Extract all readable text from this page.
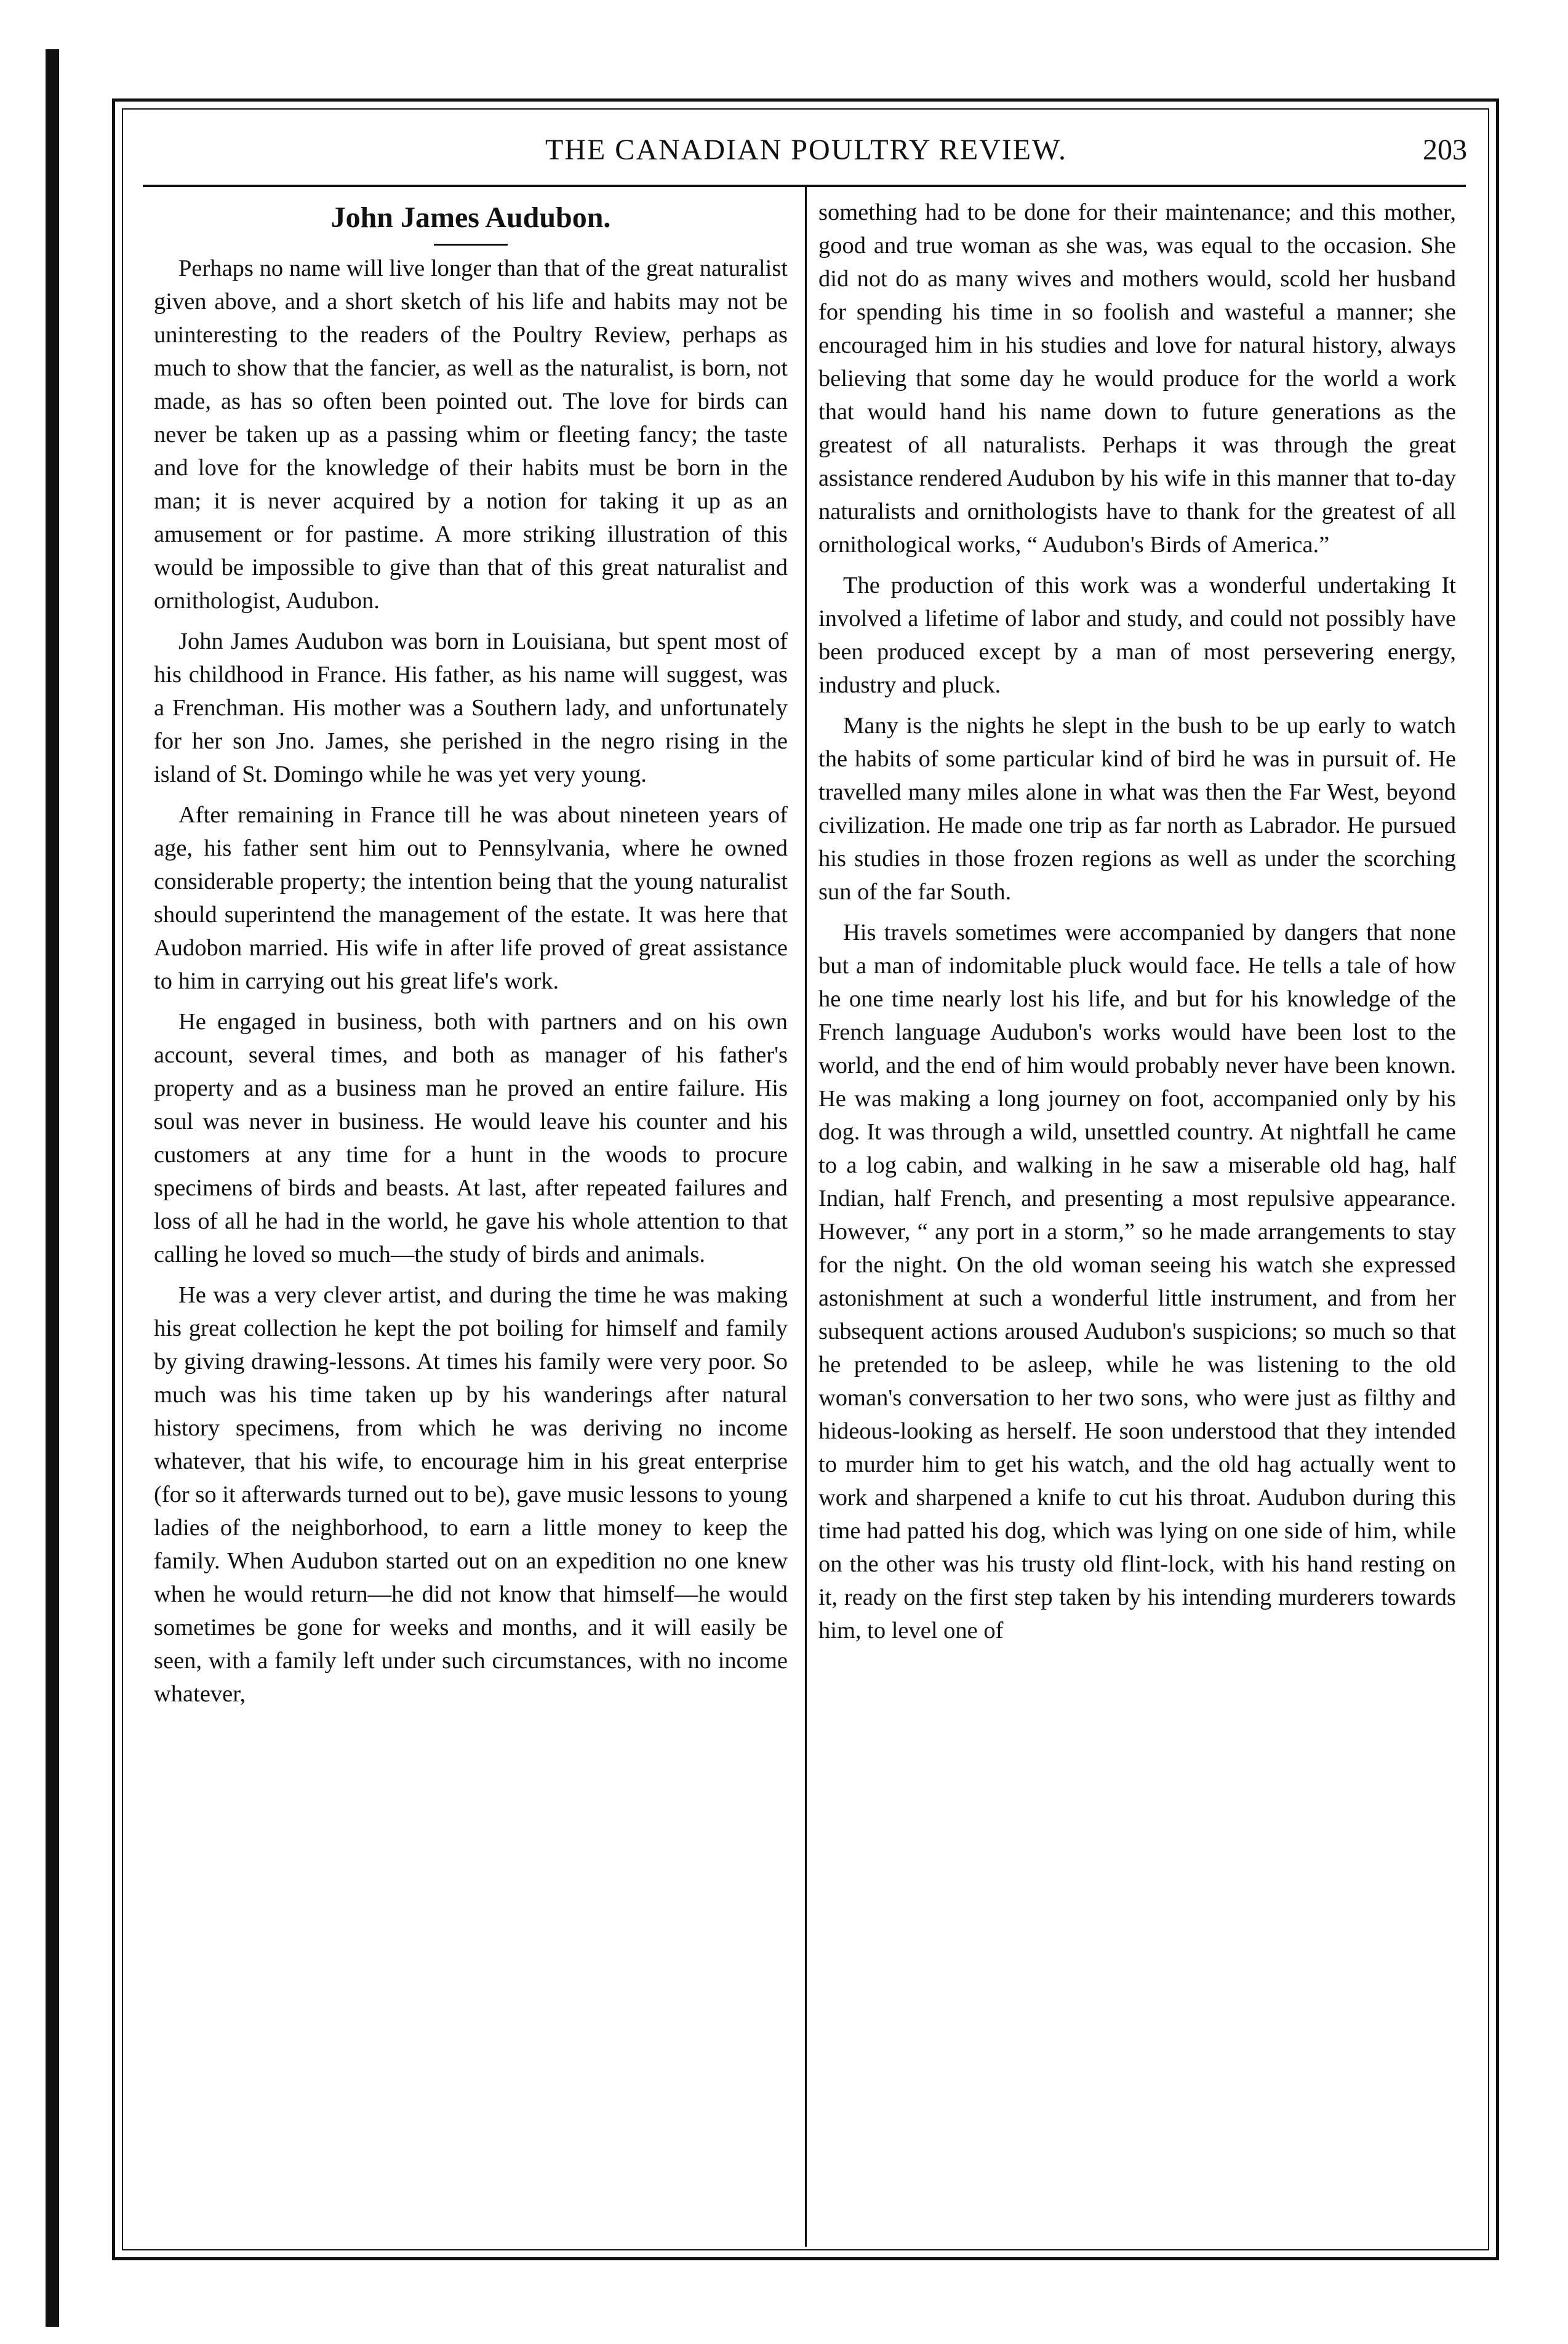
THE CANADIAN POULTRY REVIEW.	203
John James Audubon.

Perhaps no name will live longer than that of the great naturalist given above, and a short sketch of his life and habits may not be uninteresting to the readers of the Poultry Review, perhaps as much to show that the fancier, as well as the naturalist, is born, not made, as has so often been pointed out. The love for birds can never be taken up as a passing whim or fleeting fancy; the taste and love for the knowledge of their habits must be born in the man; it is never acquired by a notion for taking it up as an amusement or for pastime. A more striking illustration of this would be impossible to give than that of this great naturalist and ornithologist, Audubon.

John James Audubon was born in Louisiana, but spent most of his childhood in France. His father, as his name will suggest, was a Frenchman. His mother was a Southern lady, and unfortunately for her son Jno. James, she perished in the negro rising in the island of St. Domingo while he was yet very young.

After remaining in France till he was about nineteen years of age, his father sent him out to Pennsylvania, where he owned considerable property; the intention being that the young naturalist should superintend the management of the estate. It was here that Audobon married. His wife in after life proved of great assistance to him in carrying out his great life's work.

He engaged in business, both with partners and on his own account, several times, and both as manager of his father's property and as a business man he proved an entire failure. His soul was never in business. He would leave his counter and his customers at any time for a hunt in the woods to procure specimens of birds and beasts. At last, after repeated failures and loss of all he had in the world, he gave his whole attention to that calling he loved so much—the study of birds and animals.

He was a very clever artist, and during the time he was making his great collection he kept the pot boiling for himself and family by giving drawing-lessons. At times his family were very poor. So much was his time taken up by his wanderings after natural history specimens, from which he was deriving no income whatever, that his wife, to encourage him in his great enterprise (for so it afterwards turned out to be), gave music lessons to young ladies of the neighborhood, to earn a little money to keep the family. When Audubon started out on an expedition no one knew when he would return—he did not know that himself—he would sometimes be gone for weeks and months, and it will easily be seen, with a family left under such circumstances, with no income whatever,

something had to be done for their maintenance; and this mother, good and true woman as she was, was equal to the occasion. She did not do as many wives and mothers would, scold her husband for spending his time in so foolish and wasteful a manner; she encouraged him in his studies and love for natural history, always believing that some day he would produce for the world a work that would hand his name down to future generations as the greatest of all naturalists. Perhaps it was through the great assistance rendered Audubon by his wife in this manner that to-day naturalists and ornithologists have to thank for the greatest of all ornithological works, “ Audubon's Birds of America.”

The production of this work was a wonderful undertaking It involved a lifetime of labor and study, and could not possibly have been produced except by a man of most persevering energy, industry and pluck.

Many is the nights he slept in the bush to be up early to watch the habits of some particular kind of bird he was in pursuit of. He travelled many miles alone in what was then the Far West, beyond civilization. He made one trip as far north as Labrador. He pursued his studies in those frozen regions as well as under the scorching sun of the far South.

His travels sometimes were accompanied by dangers that none but a man of indomitable pluck would face. He tells a tale of how he one time nearly lost his life, and but for his knowledge of the French language Audubon's works would have been lost to the world, and the end of him would probably never have been known. He was making a long journey on foot, accompanied only by his dog. It was through a wild, unsettled country. At nightfall he came to a log cabin, and walking in he saw a miserable old hag, half Indian, half French, and presenting a most repulsive appearance. However, “ any port in a storm,” so he made arrangements to stay for the night. On the old woman seeing his watch she expressed astonishment at such a wonderful little instrument, and from her subsequent actions aroused Audubon's suspicions; so much so that he pretended to be asleep, while he was listening to the old woman's conversation to her two sons, who were just as filthy and hideous-looking as herself. He soon understood that they intended to murder him to get his watch, and the old hag actually went to work and sharpened a knife to cut his throat. Audubon during this time had patted his dog, which was lying on one side of him, while on the other was his trusty old flint-lock, with his hand resting on it, ready on the first step taken by his intending murderers towards him, to level one of
